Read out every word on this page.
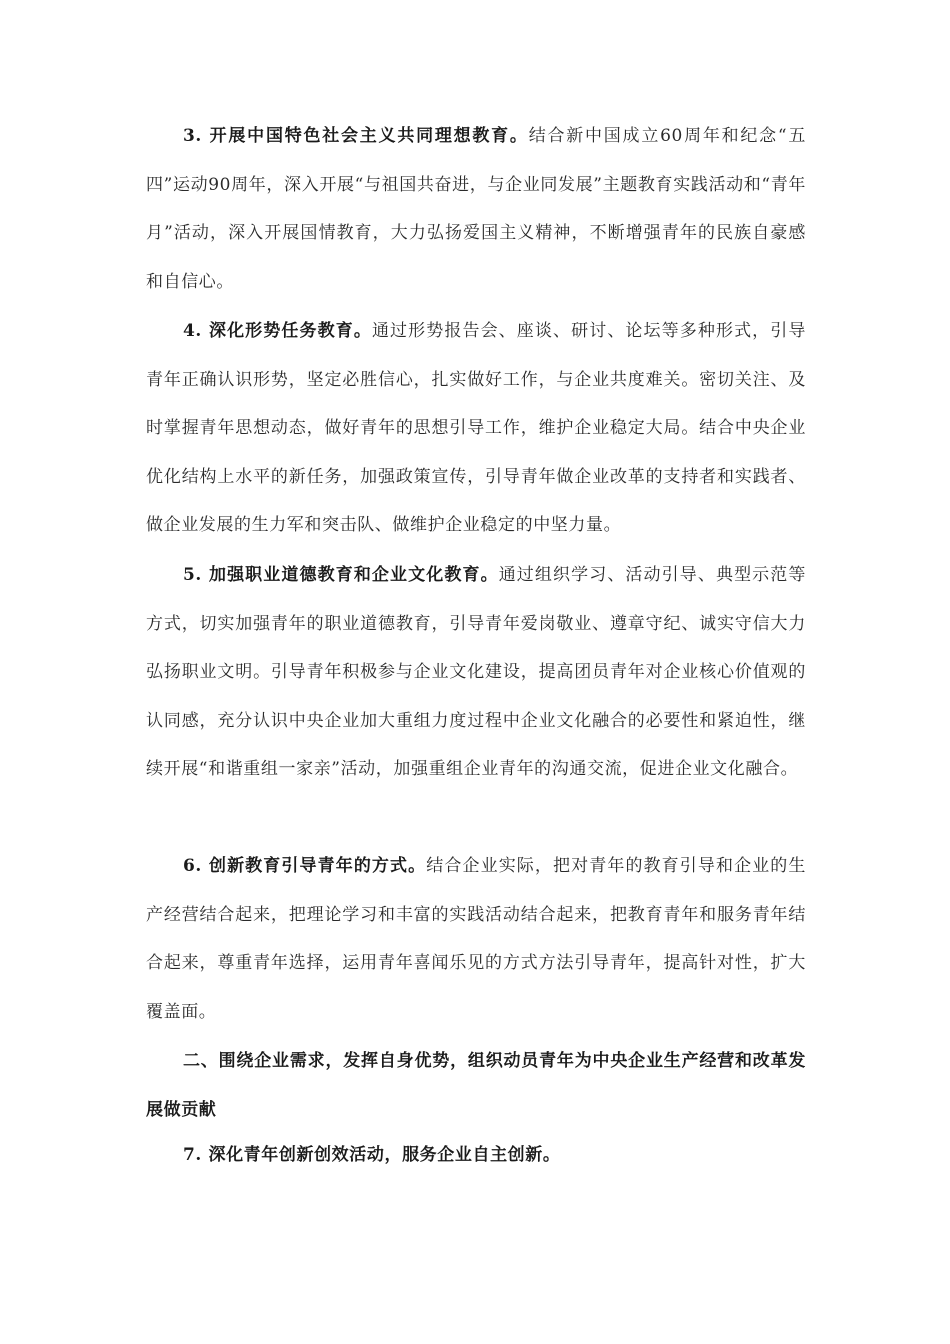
3. 开展中国特色社会主义共同理想教育。结合新中国成立60周年和纪念“五四”运动90周年，深入开展“与祖国共奋进，与企业同发展”主题教育实践活动和“青年月”活动，深入开展国情教育，大力弘扬爱国主义精神，不断增强青年的民族自豪感和自信心。

4. 深化形势任务教育。通过形势报告会、座谈、研讨、论坛等多种形式，引导青年正确认识形势，坚定必胜信心，扎实做好工作，与企业共度难关。密切关注、及时掌握青年思想动态，做好青年的思想引导工作，维护企业稳定大局。结合中央企业优化结构上水平的新任务，加强政策宣传，引导青年做企业改革的支持者和实践者、做企业发展的生力军和突击队、做维护企业稳定的中坚力量。

5. 加强职业道德教育和企业文化教育。通过组织学习、活动引导、典型示范等方式，切实加强青年的职业道德教育，引导青年爱岗敬业、遵章守纪、诚实守信大力弘扬职业文明。引导青年积极参与企业文化建设，提高团员青年对企业核心价值观的认同感，充分认识中央企业加大重组力度过程中企业文化融合的必要性和紧迫性，继续开展“和谐重组一家亲”活动，加强重组企业青年的沟通交流，促进企业文化融合。

6. 创新教育引导青年的方式。结合企业实际，把对青年的教育引导和企业的生产经营结合起来，把理论学习和丰富的实践活动结合起来，把教育青年和服务青年结合起来，尊重青年选择，运用青年喜闻乐见的方式方法引导青年，提高针对性，扩大覆盖面。

二、围绕企业需求，发挥自身优势，组织动员青年为中央企业生产经营和改革发展做贡献

7. 深化青年创新创效活动，服务企业自主创新。
